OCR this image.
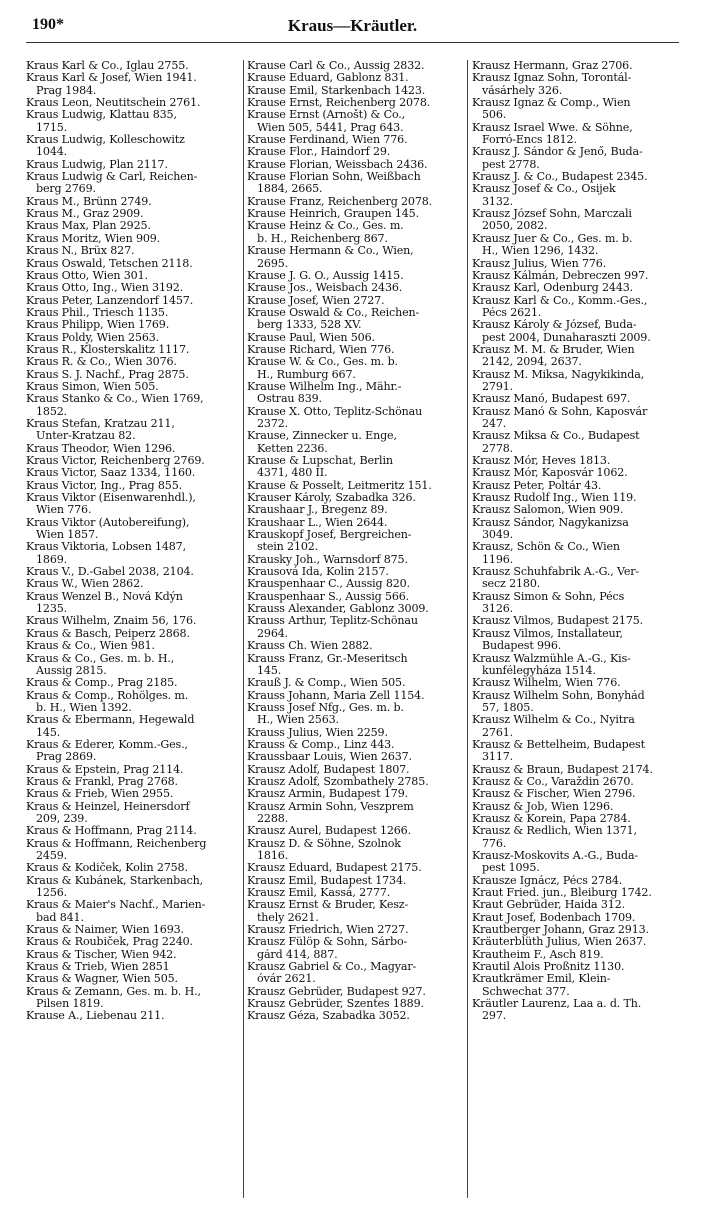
190*	Kraus—Kräutler.
Kraus Karl & Co., Iglau 2755.
Kraus Karl & Josef, Wien 1941.
Prag 1984.
Kraus Leon, Neutitschein 2761.
Kraus Ludwig, Klattau 835,
1715.
Kraus Ludwig, Kolleschowitz
1044.
Kraus Ludwig, Plan 2117.
Kraus Ludwig & Carl, Reichen-
berg 2769.
Kraus M., Brünn 2749.
Kraus M., Graz 2909.
Kraus Max, Plan 2925.
Kraus Moritz, Wien 909.
Kraus N., Brüx 827.
Kraus Oswald, Tetschen 2118.
Kraus Otto, Wien 301.
Kraus Otto, Ing., Wien 3192.
Kraus Peter, Lanzendorf 1457.
Kraus Phil., Triesch 1135.
Kraus Philipp, Wien 1769.
Kraus Poldy, Wien 2563.
Kraus R., Klosterskalitz 1117.
Kraus R. & Co., Wien 3076.
Kraus S. J. Nachf., Prag 2875.
Kraus Simon, Wien 505.
Kraus Stanko & Co., Wien 1769,
1852.
Kraus Stefan, Kratzau 211,
Unter-Kratzau 82.
Kraus Theodor, Wien 1296.
Kraus Victor, Reichenberg 2769.
Kraus Victor, Saaz 1334, 1160.
Kraus Victor, Ing., Prag 855.
Kraus Viktor (Eisenwarenhdl.),
Wien 776.
Kraus Viktor (Autobereifung),
Wien 1857.
Kraus Viktoria, Lobsen 1487,
1869.
Kraus V., D.-Gabel 2038, 2104.
Kraus W., Wien 2862.
Kraus Wenzel B., Nová Kdýn
1235.
Kraus Wilhelm, Znaim 56, 176.
Kraus & Basch, Peiperz 2868.
Kraus & Co., Wien 981.
Kraus & Co., Ges. m. b. H.,
Aussig 2815.
Kraus & Comp., Prag 2185.
Kraus & Comp., Rohölges. m.
b. H., Wien 1392.
Kraus & Ebermann, Hegewald
145.
Kraus & Ederer, Komm.-Ges.,
Prag 2869.
Kraus & Epstein, Prag 2114.
Kraus & Frankl, Prag 2768.
Kraus & Frieb, Wien 2955.
Kraus & Heinzel, Heinersdorf
209, 239.
Kraus & Hoffmann, Prag 2114.
Kraus & Hoffmann, Reichenberg
2459.
Kraus & Kodiček, Kolin 2758.
Kraus & Kubánek, Starkenbach,
1256.
Kraus & Maier's Nachf., Marien-
bad 841.
Kraus & Naimer, Wien 1693.
Kraus & Roubiček, Prag 2240.
Kraus & Tischer, Wien 942.
Kraus & Trieb, Wien 2851
Kraus & Wagner, Wien 505.
Kraus & Zemann, Ges. m. b. H.,
Pilsen 1819.
Krause A., Liebenau 211.
Krause Carl & Co., Aussig 2832.
Krause Eduard, Gablonz 831.
Krause Emil, Starkenbach 1423.
Krause Ernst, Reichenberg 2078.
Krause Ernst (Arnošt) & Co.,
Wien 505, 5441, Prag 643.
Krause Ferdinand, Wien 776.
Krause Flor., Haindorf 29.
Krause Florian, Weissbach 2436.
Krause Florian Sohn, Weißbach
1884, 2665.
Krause Franz, Reichenberg 2078.
Krause Heinrich, Graupen 145.
Krause Heinz & Co., Ges. m.
b. H., Reichenberg 867.
Krause Hermann & Co., Wien,
2695.
Krause J. G. O., Aussig 1415.
Krause Jos., Weisbach 2436.
Krause Josef, Wien 2727.
Krause Oswald & Co., Reichen-
berg 1333, 528 XV.
Krause Paul, Wien 506.
Krause Richard, Wien 776.
Krause W. & Co., Ges. m. b.
H., Rumburg 667.
Krause Wilhelm Ing., Mähr.-
Ostrau 839.
Krause X. Otto, Teplitz-Schönau
2372.
Krause, Zinnecker u. Enge,
Ketten 2236.
Krause & Lupschat, Berlin
4371, 480 II.
Krause & Posselt, Leitmeritz 151.
Krauser Károly, Szabadka 326.
Kraushaar J., Bregenz 89.
Kraushaar L., Wien 2644.
Krauskopf Josef, Bergreichen-
stein 2102.
Krausky Joh., Warnsdorf 875.
Krausová Ida, Kolin 2157.
Krauspenhaar C., Aussig 820.
Krauspenhaar S., Aussig 566.
Krauss Alexander, Gablonz 3009.
Krauss Arthur, Teplitz-Schönau
2964.
Krauss Ch. Wien 2882.
Krauss Franz, Gr.-Meseritsch
145.
Krauß J. & Comp., Wien 505.
Krauss Johann, Maria Zell 1154.
Krauss Josef Nfg., Ges. m. b.
H., Wien 2563.
Krauss Julius, Wien 2259.
Krauss & Comp., Linz 443.
Kraussbaar Louis, Wien 2637.
Krausz Adolf, Budapest 1807.
Krausz Adolf, Szombathely 2785.
Krausz Armin, Budapest 179.
Krausz Armin Sohn, Veszprem
2288.
Krausz Aurel, Budapest 1266.
Krausz D. & Söhne, Szolnok
1816.
Krausz Eduard, Budapest 2175.
Krausz Emil, Budapest 1734.
Krausz Emil, Kassá, 2777.
Krausz Ernst & Bruder, Kesz-
thely 2621.
Krausz Friedrich, Wien 2727.
Krausz Fülöp & Sohn, Sárbo-
gárd 414, 887.
Krausz Gabriel & Co., Magyar-
óvár 2621.
Krausz Gebrüder, Budapest 927.
Krausz Gebrüder, Szentes 1889.
Krausz Géza, Szabadka 3052.
Krausz Hermann, Graz 2706.
Krausz Ignaz Sohn, Torontál-
vásárhely 326.
Krausz Ignaz & Comp., Wien
506.
Krausz Israel Wwe. & Söhne,
Forró-Encs 1812.
Krausz J. Sándor & Jenő, Buda-
pest 2778.
Krausz J. & Co., Budapest 2345.
Krausz Josef & Co., Osijek
3132.
Krausz József Sohn, Marczali
2050, 2082.
Krausz Juer & Co., Ges. m. b.
H., Wien 1296, 1432.
Krausz Julius, Wien 776.
Krausz Kálmán, Debreczen 997.
Krausz Karl, Ödenburg 2443.
Krausz Karl & Co., Komm.-Ges.,
Pécs 2621.
Krausz Károly & József, Buda-
pest 2004, Dunaharaszti 2009.
Krausz M. M. & Bruder, Wien
2142, 2094, 2637.
Krausz M. Miksa, Nagykikinda,
2791.
Krausz Manó, Budapest 697.
Krausz Manó & Sohn, Kaposvár
247.
Krausz Miksa & Co., Budapest
2778.
Krausz Mór, Heves 1813.
Krausz Mór, Kaposvár 1062.
Krausz Peter, Poltár 43.
Krausz Rudolf Ing., Wien 119.
Krausz Salomon, Wien 909.
Krausz Sándor, Nagykanizsa
3049.
Krausz, Schön & Co., Wien
1196.
Krausz Schuhfabrik A.-G., Ver-
secz 2180.
Krausz Simon & Sohn, Pécs
3126.
Krausz Vilmos, Budapest 2175.
Krausz Vilmos, Installateur,
Budapest 996.
Krausz Walzmühle A.-G., Kis-
kunfélegyháza 1514.
Krausz Wilhelm, Wien 776.
Krausz Wilhelm Sohn, Bonyhád
57, 1805.
Krausz Wilhelm & Co., Nyitra
2761.
Krausz & Bettelheim, Budapest
3117.
Krausz & Braun, Budapest 2174.
Krausz & Co., Varaždin 2670.
Krausz & Fischer, Wien 2796.
Krausz & Job, Wien 1296.
Krausz & Korein, Papa 2784.
Krausz & Redlich, Wien 1371,
776.
Krausz-Moskovits A.-G., Buda-
pest 1095.
Krausze Ignácz, Pécs 2784.
Kraut Fried. jun., Bleiburg 1742.
Kraut Gebrüder, Haida 312.
Kraut Josef, Bodenbach 1709.
Krautberger Johann, Graz 2913.
Kräuterblüth Julius, Wien 2637.
Krautheim F., Asch 819.
Krautil Alois Proßnitz 1130.
Krautkrämer Emil, Klein-
Schwechat 377.
Kräutler Laurenz, Laa a. d. Th.
297.
